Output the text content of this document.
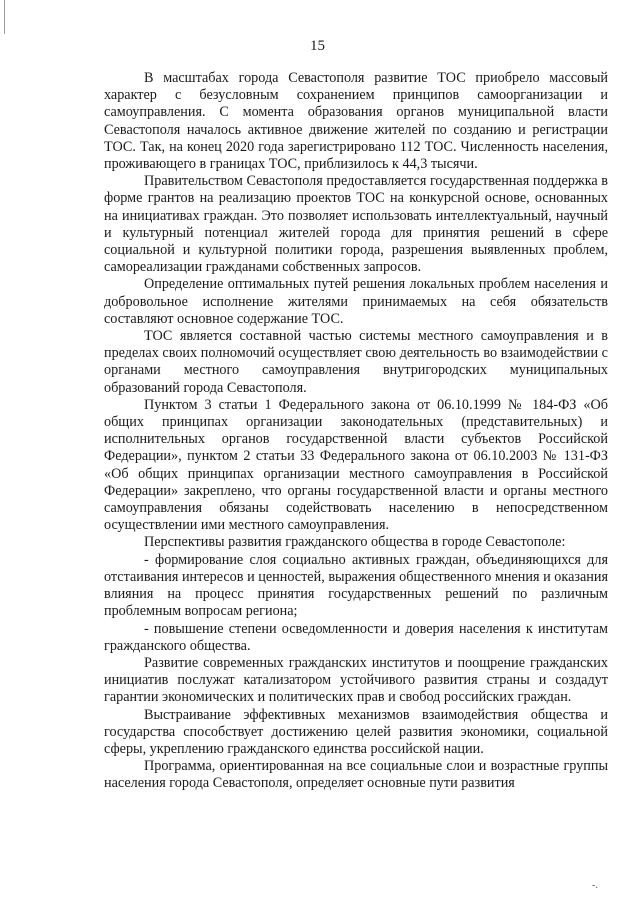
15

В масштабах города Севастополя развитие ТОС приобрело массовый характер с безусловным сохранением принципов самоорганизации и самоуправления. С момента образования органов муниципальной власти Севастополя началось активное движение жителей по созданию и регистрации ТОС. Так, на конец 2020 года зарегистрировано 112 ТОС. Численность населения, проживающего в границах ТОС, приблизилось к 44,3 тысячи.

Правительством Севастополя предоставляется государственная поддержка в форме грантов на реализацию проектов ТОС на конкурсной основе, основанных на инициативах граждан. Это позволяет использовать интеллектуальный, научный и культурный потенциал жителей города для принятия решений в сфере социальной и культурной политики города, разрешения выявленных проблем, самореализации гражданами собственных запросов.

Определение оптимальных путей решения локальных проблем населения и добровольное исполнение жителями принимаемых на себя обязательств составляют основное содержание ТОС.

ТОС является составной частью системы местного самоуправления и в пределах своих полномочий осуществляет свою деятельность во взаимодействии с органами местного самоуправления внутригородских муниципальных образований города Севастополя.

Пунктом 3 статьи 1 Федерального закона от 06.10.1999 № 184-ФЗ «Об общих принципах организации законодательных (представительных) и исполнительных органов государственной власти субъектов Российской Федерации», пунктом 2 статьи 33 Федерального закона от 06.10.2003 № 131-ФЗ «Об общих принципах организации местного самоуправления в Российской Федерации» закреплено, что органы государственной власти и органы местного самоуправления обязаны содействовать населению в непосредственном осуществлении ими местного самоуправления.

Перспективы развития гражданского общества в городе Севастополе:

- формирование слоя социально активных граждан, объединяющихся для отстаивания интересов и ценностей, выражения общественного мнения и оказания влияния на процесс принятия государственных решений по различным проблемным вопросам региона;

- повышение степени осведомленности и доверия населения к институтам гражданского общества.

Развитие современных гражданских институтов и поощрение гражданских инициатив послужат катализатором устойчивого развития страны и создадут гарантии экономических и политических прав и свобод российских граждан.

Выстраивание эффективных механизмов взаимодействия общества и государства способствует достижению целей развития экономики, социальной сферы, укреплению гражданского единства российской нации.

Программа, ориентированная на все социальные слои и возрастные группы населения города Севастополя, определяет основные пути развития

-.
